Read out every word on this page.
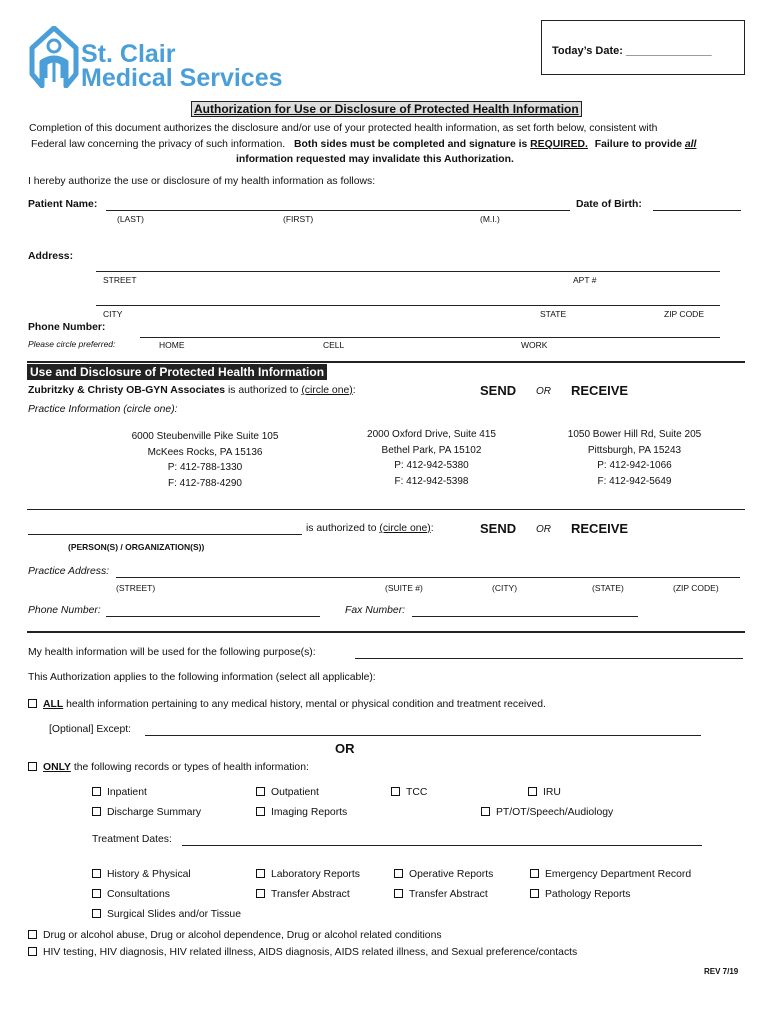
St. Clair
Medical Services
Today’s Date: ______________
Authorization for Use or Disclosure of Protected Health Information
Completion of this document authorizes the disclosure and/or use of your protected health information, as set forth below, consistent with
Federal law concerning the privacy of such information. Both sides must be completed and signature is REQUIRED. Failure to provide all
information requested may invalidate this Authorization.
I hereby authorize the use or disclosure of my health information as follows:
Patient Name:	Date of Birth:
(LAST)	(FIRST)	(M.I.)
Address:
STREET	APT #
CITY	STATE	ZIP CODE
Phone Number:
Please circle preferred:	HOME	CELL	WORK
Use and Disclosure of Protected Health Information
Zubritzky & Christy OB-GYN Associates is authorized to (circle one):	SEND OR RECEIVE
Practice Information (circle one):
6000 Steubenville Pike Suite 105
McKees Rocks, PA 15136
P: 412-788-1330
F: 412-788-4290
2000 Oxford Drive, Suite 415
Bethel Park, PA 15102
P: 412-942-5380
F: 412-942-5398
1050 Bower Hill Rd, Suite 205
Pittsburgh, PA 15243
P: 412-942-1066
F: 412-942-5649
is authorized to (circle one):	SEND OR RECEIVE
(PERSON(S) / ORGANIZATION(S))
Practice Address:
(STREET)	(SUITE #)	(CITY)	(STATE)	(ZIP CODE)
Phone Number:	Fax Number:
My health information will be used for the following purpose(s):
This Authorization applies to the following information (select all applicable):
ALL health information pertaining to any medical history, mental or physical condition and treatment received.
[Optional] Except:
OR
ONLY the following records or types of health information:
Inpatient	Outpatient	TCC	IRU
Discharge Summary	Imaging Reports	PT/OT/Speech/Audiology
Treatment Dates:
History & Physical	Laboratory Reports	Operative Reports	Emergency Department Record
Consultations	Transfer Abstract	Transfer Abstract	Pathology Reports
Surgical Slides and/or Tissue
Drug or alcohol abuse, Drug or alcohol dependence, Drug or alcohol related conditions
HIV testing, HIV diagnosis, HIV related illness, AIDS diagnosis, AIDS related illness, and Sexual preference/contacts
REV 7/19
